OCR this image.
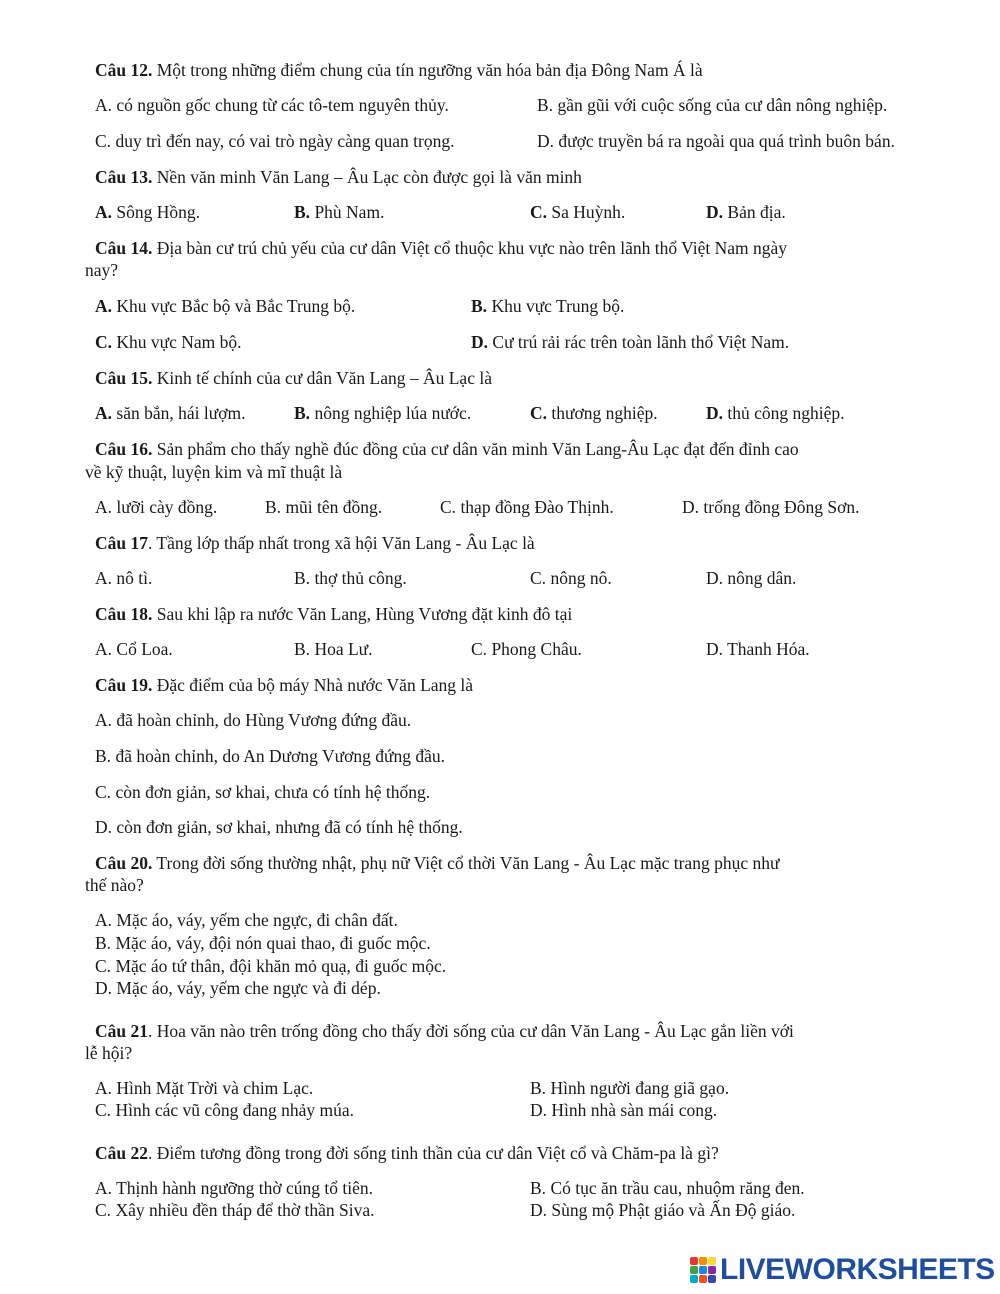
Câu 12. Một trong những điểm chung của tín ngưỡng văn hóa bản địa Đông Nam Á là
A. có nguồn gốc chung từ các tô-tem nguyên thủy.	B. gần gũi với cuộc sống của cư dân nông nghiệp.
C. duy trì đến nay, có vai trò ngày càng quan trọng.	D. được truyền bá ra ngoài qua quá trình buôn bán.
Câu 13. Nền văn minh Văn Lang – Âu Lạc còn được gọi là văn minh
A. Sông Hồng.	B. Phù Nam.	C. Sa Huỳnh.	D. Bản địa.
Câu 14. Địa bàn cư trú chủ yếu của cư dân Việt cổ thuộc khu vực nào trên lãnh thổ Việt Nam ngày
nay?
A. Khu vực Bắc bộ và Bắc Trung bộ.	B. Khu vực Trung bộ.
C. Khu vực Nam bộ.	D. Cư trú rải rác trên toàn lãnh thổ Việt Nam.
Câu 15. Kinh tế chính của cư dân Văn Lang – Âu Lạc là
A. săn bắn, hái lượm.	B. nông nghiệp lúa nước.	C. thương nghiệp.	D. thủ công nghiệp.
Câu 16. Sản phẩm cho thấy nghề đúc đồng của cư dân văn minh Văn Lang-Âu Lạc đạt đến đỉnh cao
về kỹ thuật, luyện kim và mĩ thuật là
A. lưỡi cày đồng.	B. mũi tên đồng.	C. thạp đồng Đào Thịnh.	D. trống đồng Đông Sơn.
Câu 17. Tầng lớp thấp nhất trong xã hội Văn Lang - Âu Lạc là
A. nô tì.	B. thợ thủ công.	C. nông nô.	D. nông dân.
Câu 18. Sau khi lập ra nước Văn Lang, Hùng Vương đặt kinh đô tại
A. Cổ Loa.	B. Hoa Lư.	C. Phong Châu.	D. Thanh Hóa.
Câu 19. Đặc điểm của bộ máy Nhà nước Văn Lang là
A. đã hoàn chỉnh, do Hùng Vương đứng đầu.
B. đã hoàn chỉnh, do An Dương Vương đứng đầu.
C. còn đơn giản, sơ khai, chưa có tính hệ thống.
D. còn đơn giản, sơ khai, nhưng đã có tính hệ thống.
Câu 20. Trong đời sống thường nhật, phụ nữ Việt cổ thời Văn Lang - Âu Lạc mặc trang phục như
thế nào?
A. Mặc áo, váy, yếm che ngực, đi chân đất.
B. Mặc áo, váy, đội nón quai thao, đi guốc mộc.
C. Mặc áo tứ thân, đội khăn mỏ quạ, đi guốc mộc.
D. Mặc áo, váy, yếm che ngực và đi dép.
Câu 21. Hoa văn nào trên trống đồng cho thấy đời sống của cư dân Văn Lang - Âu Lạc gắn liền với
lễ hội?
A. Hình Mặt Trời và chim Lạc.	B. Hình người đang giã gạo.
C. Hình các vũ công đang nhảy múa.	D. Hình nhà sàn mái cong.
Câu 22. Điểm tương đồng trong đời sống tinh thần của cư dân Việt cổ và Chăm-pa là gì?
A. Thịnh hành ngưỡng thờ cúng tổ tiên.	B. Có tục ăn trầu cau, nhuộm răng đen.
C. Xây nhiều đền tháp để thờ thần Siva.	D. Sùng mộ Phật giáo và Ấn Độ giáo.
LIVEWORKSHEETS
